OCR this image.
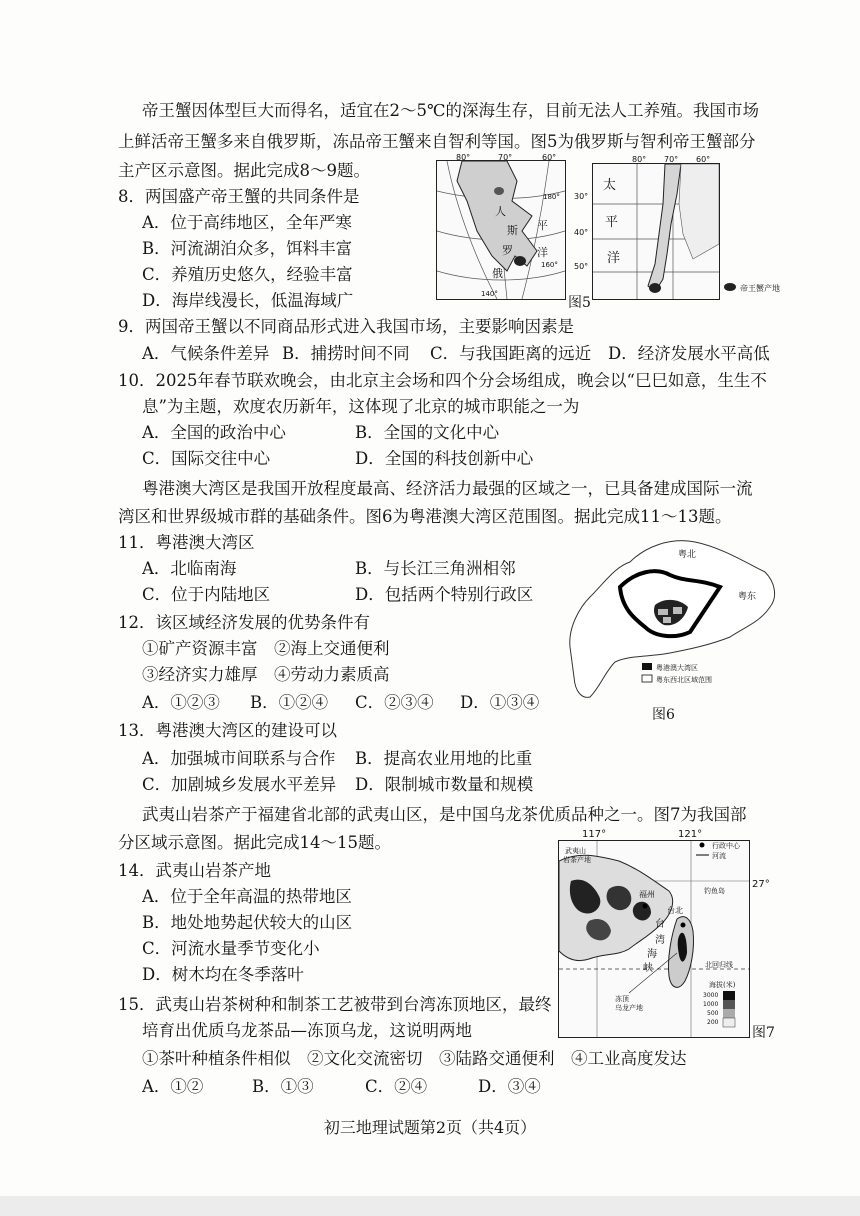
帝王蟹因体型巨大而得名，适宜在2～5℃的深海生存，目前无法人工养殖。我国市场
上鲜活帝王蟹多来自俄罗斯，冻品帝王蟹来自智利等国。图5为俄罗斯与智利帝王蟹部分
主产区示意图。据此完成8～9题。
8．两国盛产帝王蟹的共同条件是
A．位于高纬地区，全年严寒
B．河流湖泊众多，饵料丰富
C．养殖历史悠久，经验丰富
D．海岸线漫长，低温海域广
人
斯 平
罗 洋
俄
180°
160°
140°
80°	70°	60°
太
平
洋
80° 70° 60°
30°
40°
50°
图5
帝王蟹产地
9．两国帝王蟹以不同商品形式进入我国市场，主要影响因素是
A．气候条件差异 B．捕捞时间不同 C．与我国距离的远近 D．经济发展水平高低
10．2025年春节联欢晚会，由北京主会场和四个分会场组成，晚会以“巳巳如意，生生不
息”为主题，欢度农历新年，这体现了北京的城市职能之一为
A．全国的政治中心	B．全国的文化中心
C．国际交往中心	D．全国的科技创新中心
粤港澳大湾区是我国开放程度最高、经济活力最强的区域之一，已具备建成国际一流
湾区和世界级城市群的基础条件。图6为粤港澳大湾区范围图。据此完成11～13题。
11．粤港澳大湾区
A．北临南海	B．与长江三角洲相邻
C．位于内陆地区	D．包括两个特别行政区
12．该区域经济发展的优势条件有
①矿产资源丰富　②海上交通便利
③经济实力雄厚　④劳动力素质高
A．①②③ B．①②④ C．②③④ D．①③④
粤北
粤东
粤港澳大湾区
粤东西北区域范围
图6
13．粤港澳大湾区的建设可以
A．加强城市间联系与合作 B．提高农业用地的比重
C．加剧城乡发展水平差异 D．限制城市数量和规模
武夷山岩茶产于福建省北部的武夷山区，是中国乌龙茶优质品种之一。图7为我国部
分区域示意图。据此完成14～15题。
14．武夷山岩茶产地
A．位于全年高温的热带地区
B．地处地势起伏较大的山区
C．河流水量季节变化小
D．树木均在冬季落叶
117°	121°
行政中心
河流
武夷山
岩茶产地
福州
台北
台
湾
海
峡
钓鱼岛
北回归线
冻顶
乌龙产地
海拔(米)
3000
1000
500
200
27°
图7
15．武夷山岩茶树种和制茶工艺被带到台湾冻顶地区，最终
培育出优质乌龙茶品—冻顶乌龙，这说明两地
①茶叶种植条件相似　②文化交流密切　③陆路交通便利　④工业高度发达
A．①②	B．①③	C．②④	D．③④
初三地理试题第2页（共4页）
